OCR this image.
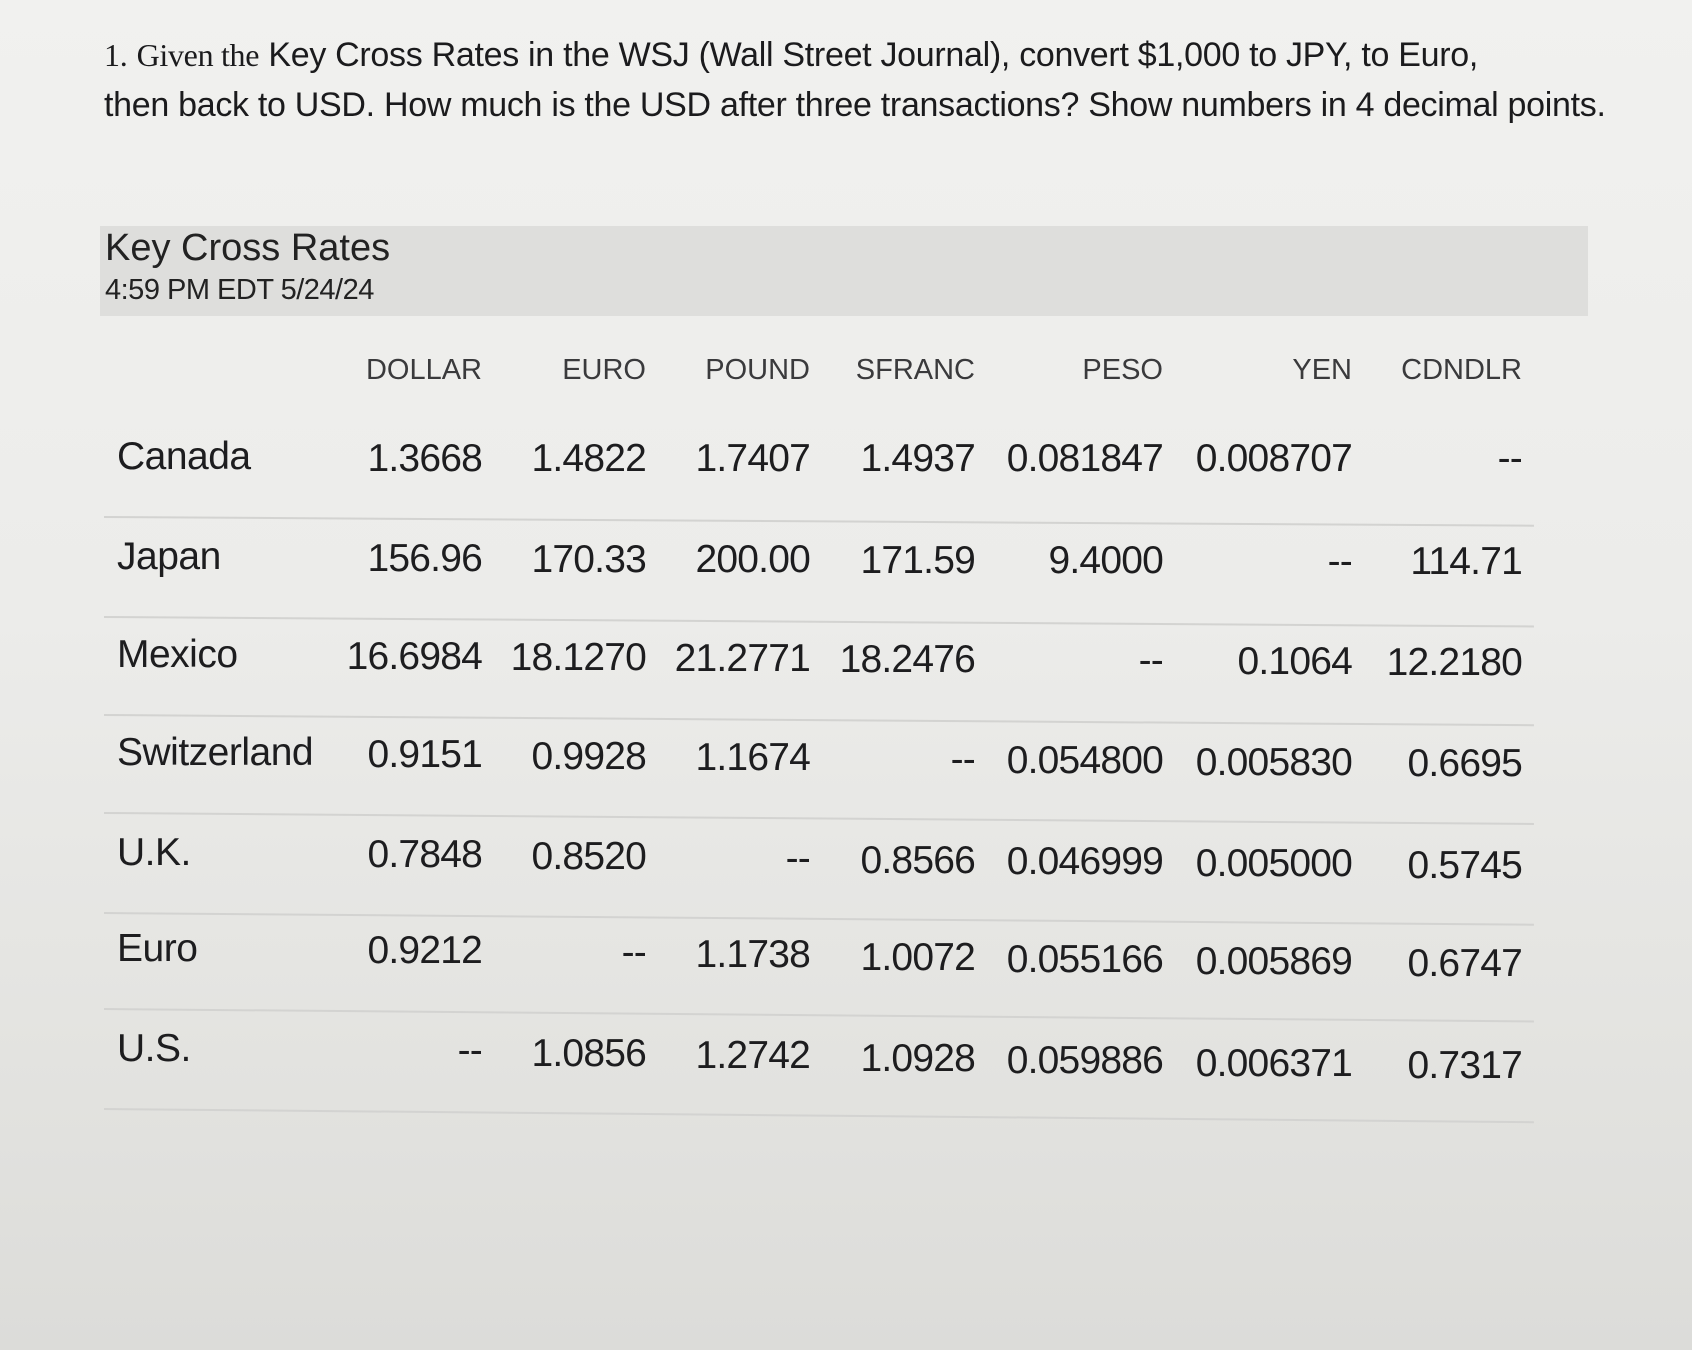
1. Given the Key Cross Rates in the WSJ (Wall Street Journal), convert $1,000 to JPY, to Euro,
then back to USD. How much is the USD after three transactions? Show numbers in 4 decimal points.
Key Cross Rates
4:59 PM EDT 5/24/24
DOLLAR	EURO	POUND	SFRANC	PESO	YEN	CDNDLR
Canada	1.3668	1.4822	1.7407	1.4937 0.081847 0.008707	--
Japan	156.96	170.33	200.00	171.59	9.4000	--	114.71
Mexico	16.6984 18.1270 21.2771 18.2476	--	0.1064 12.2180
Switzerland	0.9151	0.9928	1.1674	-- 0.054800 0.005830	0.6695
U.K.	0.7848	0.8520	--	0.8566 0.046999 0.005000	0.5745
Euro	0.9212	--	1.1738	1.0072 0.055166 0.005869	0.6747
U.S.	--	1.0856	1.2742	1.0928 0.059886 0.006371	0.7317
